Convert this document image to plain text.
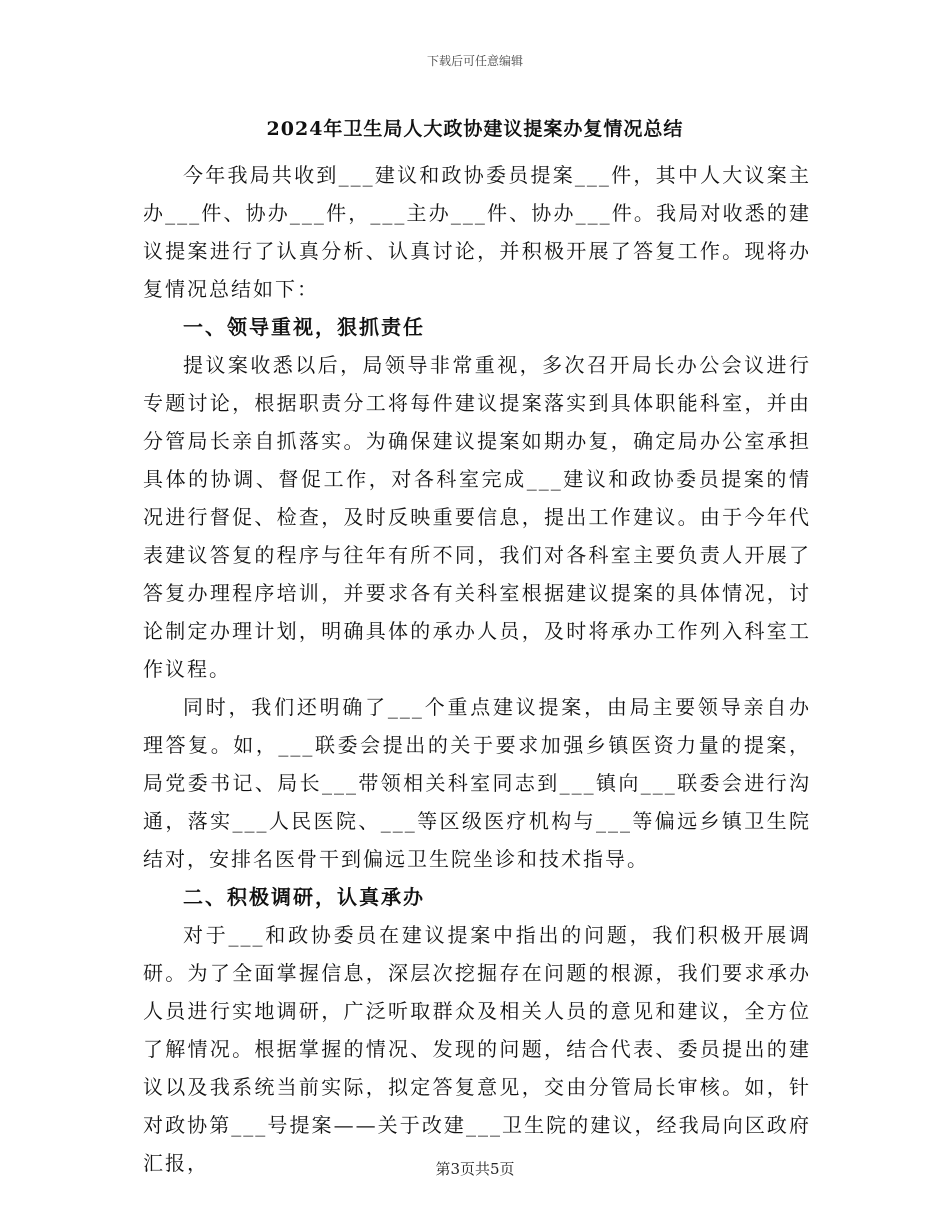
下载后可任意编辑
2024年卫生局人大政协建议提案办复情况总结

今年我局共收到___建议和政协委员提案___件，其中人大议案主办___件、协办___件，___主办___件、协办___件。我局对收悉的建议提案进行了认真分析、认真讨论，并积极开展了答复工作。现将办复情况总结如下：

一、领导重视，狠抓责任

提议案收悉以后，局领导非常重视，多次召开局长办公会议进行专题讨论，根据职责分工将每件建议提案落实到具体职能科室，并由分管局长亲自抓落实。为确保建议提案如期办复，确定局办公室承担具体的协调、督促工作，对各科室完成___建议和政协委员提案的情况进行督促、检查，及时反映重要信息，提出工作建议。由于今年代表建议答复的程序与往年有所不同，我们对各科室主要负责人开展了答复办理程序培训，并要求各有关科室根据建议提案的具体情况，讨论制定办理计划，明确具体的承办人员，及时将承办工作列入科室工作议程。

同时，我们还明确了___个重点建议提案，由局主要领导亲自办理答复。如，___联委会提出的关于要求加强乡镇医资力量的提案，局党委书记、局长___带领相关科室同志到___镇向___联委会进行沟通，落实___人民医院、___等区级医疗机构与___等偏远乡镇卫生院结对，安排名医骨干到偏远卫生院坐诊和技术指导。

二、积极调研，认真承办

对于___和政协委员在建议提案中指出的问题，我们积极开展调研。为了全面掌握信息，深层次挖掘存在问题的根源，我们要求承办人员进行实地调研，广泛听取群众及相关人员的意见和建议，全方位了解情况。根据掌握的情况、发现的问题，结合代表、委员提出的建议以及我系统当前实际，拟定答复意见，交由分管局长审核。如，针对政协第___号提案——关于改建___卫生院的建议，经我局向区政府汇报，	第3页共5页
